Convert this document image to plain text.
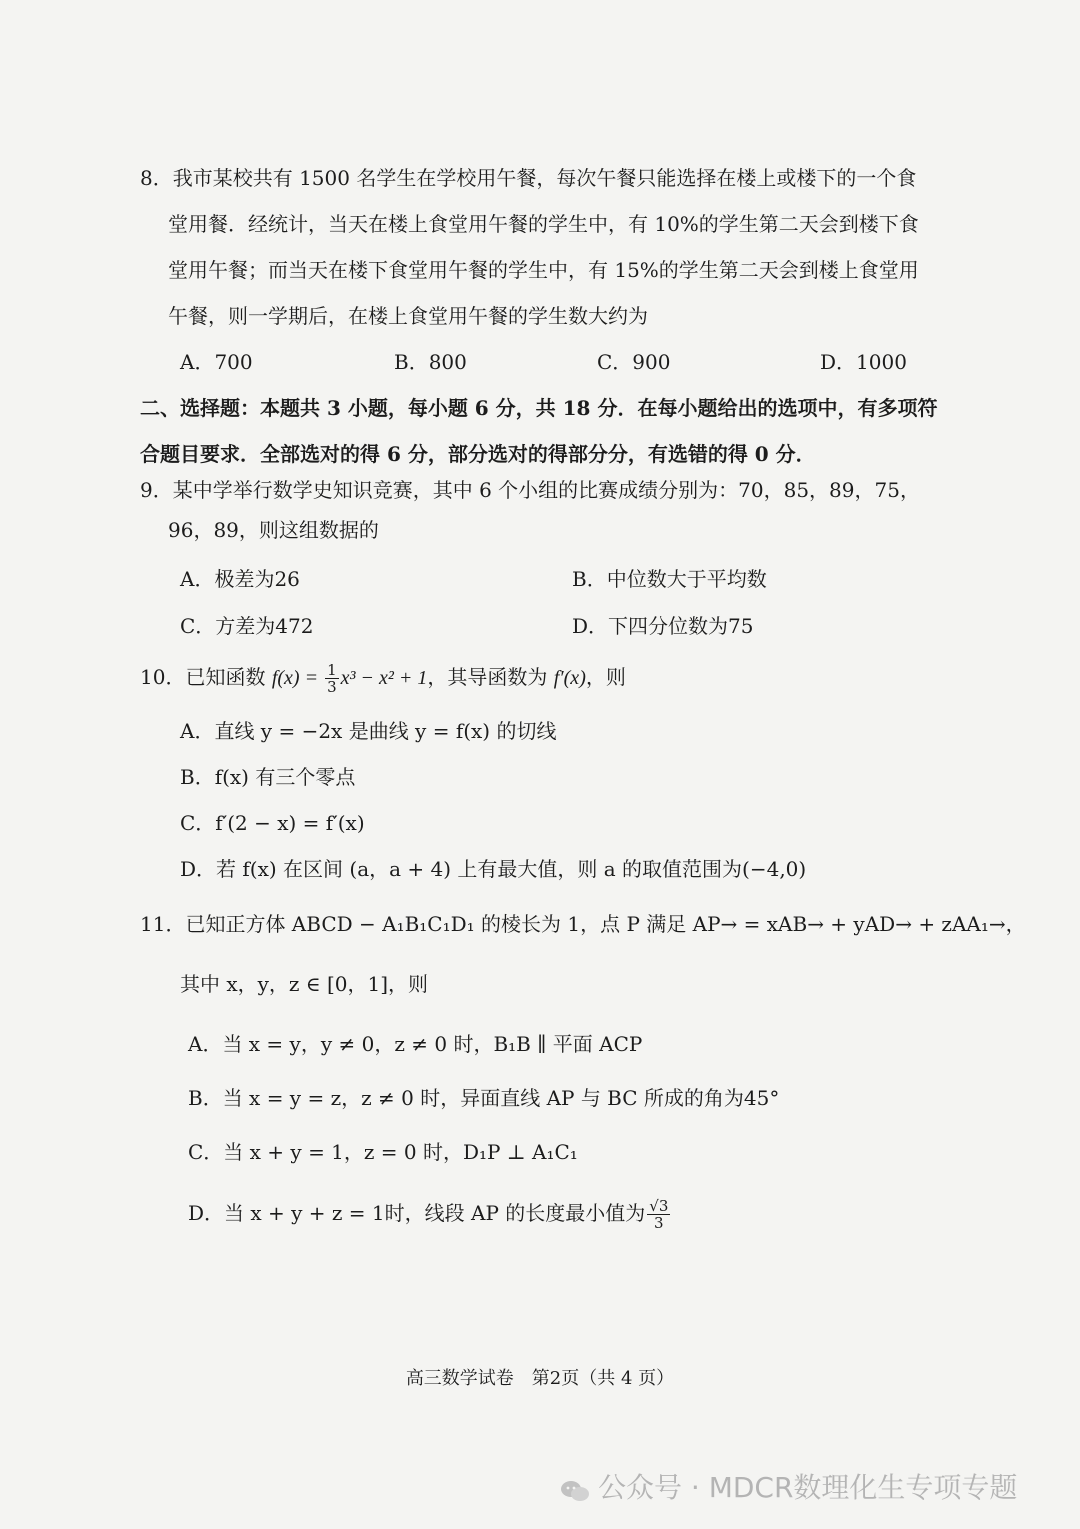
8．我市某校共有 1500 名学生在学校用午餐，每次午餐只能选择在楼上或楼下的一个食
堂用餐．经统计，当天在楼上食堂用午餐的学生中，有 10%的学生第二天会到楼下食
堂用午餐；而当天在楼下食堂用午餐的学生中，有 15%的学生第二天会到楼上食堂用
午餐，则一学期后，在楼上食堂用午餐的学生数大约为
A．700	B．800	C．900	D．1000
二、选择题：本题共 3 小题，每小题 6 分，共 18 分．在每小题给出的选项中，有多项符
合题目要求．全部选对的得 6 分，部分选对的得部分分，有选错的得 0 分．
9．某中学举行数学史知识竞赛，其中 6 个小组的比赛成绩分别为：70，85，89，75，
96，89，则这组数据的
A．极差为26	B．中位数大于平均数
C．方差为472	D．下四分位数为75
10．已知函数 $f(x) = \frac{1}{3} x^3 - x^2 + 1$，其导函数为 f′(x)，则
A．直线 y = −2x 是曲线 y = f(x) 的切线
B．f(x) 有三个零点
C．f′(2 − x) = f′(x)
D．若 f(x) 在区间 (a，a + 4) 上有最大值，则 a 的取值范围为(−4,0)
11．已知正方体 ABCD − A₁B₁C₁D₁ 的棱长为 1，点 P 满足 AP→ = xAB→ + yAD→ + zAA₁→，
其中 x，y，z ∈ [0，1]，则
A．当 x = y，y ≠ 0，z ≠ 0 时，B₁B ∥ 平面 ACP
B．当 x = y = z，z ≠ 0 时，异面直线 AP 与 BC 所成的角为45°
C．当 x + y = 1，z = 0 时，D₁P ⊥ A₁C₁
D．当 x + y + z = 1时，线段 AP 的长度最小值为 $\frac{√3}{3}$
高三数学试卷　第2页（共 4 页）
公众号 · MDCR数理化生专项专题
